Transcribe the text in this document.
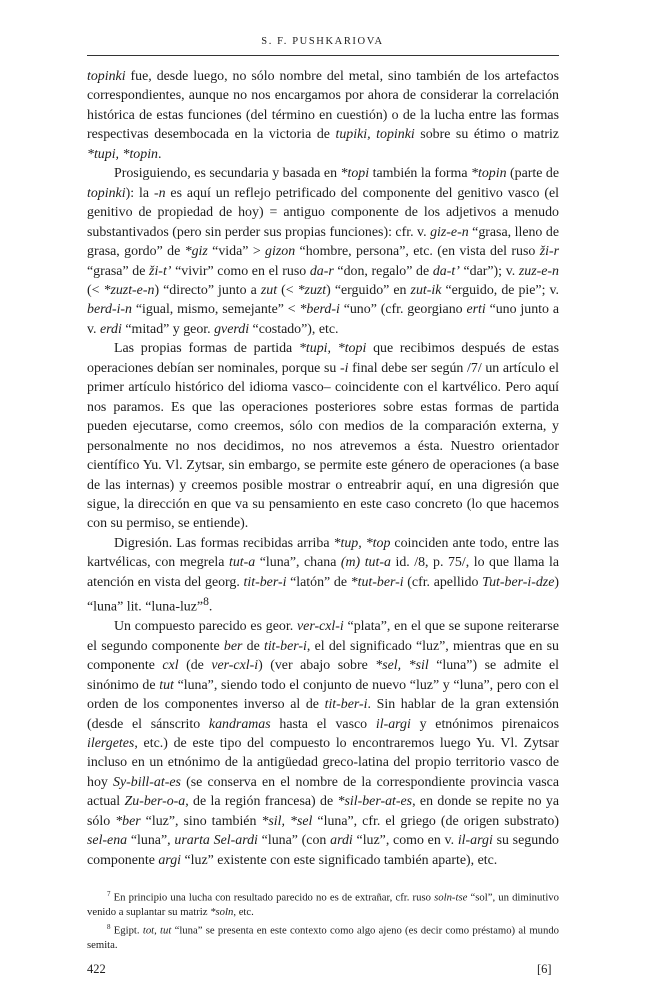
S. F. PUSHKARIOVA

topinki fue, desde luego, no sólo nombre del metal, sino también de los artefactos correspondientes, aunque no nos encargamos por ahora de considerar la correlación histórica de estas funciones (del término en cuestión) o de la lucha entre las formas respectivas desembocada en la victoria de tupiki, topinki sobre su étimo o matriz *tupi, *topin.

Prosiguiendo, es secundaria y basada en *topi también la forma *topin (parte de topinki): la -n es aquí un reflejo petrificado del componente del genitivo vasco (el genitivo de propiedad de hoy) = antiguo componente de los adjetivos a menudo substantivados (pero sin perder sus propias funciones): cfr. v. giz-e-n “grasa, lleno de grasa, gordo” de *giz “vida” > gizon “hombre, persona”, etc. (en vista del ruso ži-r “grasa” de ži-t’ “vivir” como en el ruso da-r “don, regalo” de da-t’ “dar”); v. zuz-e-n (< *zuzt-e-n) “directo” junto a zut (< *zuzt) “erguido” en zut-ik “erguido, de pie”; v. berd-i-n “igual, mismo, semejante” < *berd-i “uno” (cfr. georgiano erti “uno junto a v. erdi “mitad” y geor. gverdi “costado”), etc.

Las propias formas de partida *tupi, *topi que recibimos después de estas operaciones debían ser nominales, porque su -i final debe ser según /7/ un artículo el primer artículo histórico del idioma vasco– coincidente con el kartvélico. Pero aquí nos paramos. Es que las operaciones posteriores sobre estas formas de partida pueden ejecutarse, como creemos, sólo con medios de la comparación externa, y personalmente no nos decidimos, no nos atrevemos a ésta. Nuestro orientador científico Yu. Vl. Zytsar, sin embargo, se permite este género de operaciones (a base de las internas) y creemos posible mostrar o entreabrir aquí, en una digresión que sigue, la dirección en que va su pensamiento en este caso concreto (lo que hacemos con su permiso, se entiende).

Digresión. Las formas recibidas arriba *tup, *top coinciden ante todo, entre las kartvélicas, con megrela tut-a “luna”, chana (m) tut-a id. /8, p. 75/, lo que llama la atención en vista del georg. tit-ber-i “latón” de *tut-ber-i (cfr. apellido Tut-ber-i-dze) “luna” lit. “luna-luz”$^8$.

Un compuesto parecido es geor. ver-cxl-i “plata”, en el que se supone reiterarse el segundo componente ber de tit-ber-i, el del significado “luz”, mientras que en su componente cxl (de ver-cxl-i) (ver abajo sobre *sel, *sil “luna”) se admite el sinónimo de tut “luna”, siendo todo el conjunto de nuevo “luz” y “luna”, pero con el orden de los componentes inverso al de tit-ber-i. Sin hablar de la gran extensión (desde el sánscrito kandramas hasta el vasco il-argi y etnónimos pirenaicos ilergetes, etc.) de este tipo del compuesto lo encontraremos luego Yu. Vl. Zytsar incluso en un etnónimo de la antigüedad greco-latina del propio territorio vasco de hoy Sy-bill-at-es (se conserva en el nombre de la correspondiente provincia vasca actual Zu-ber-o-a, de la región francesa) de *sil-ber-at-es, en donde se repite no ya sólo *ber “luz”, sino también *sil, *sel “luna”, cfr. el griego (de origen substrato) sel-ena “luna”, urarta Sel-ardi “luna” (con ardi “luz”, como en v. il-argi su segundo componente argi “luz” existente con este significado también aparte), etc.

$^7$ En principio una lucha con resultado parecido no es de extrañar, cfr. ruso soln-tse “sol”, un diminutivo venido a suplantar su matriz *soln, etc.

$^8$ Egipt. tot, tut “luna” se presenta en este contexto como algo ajeno (es decir como préstamo) al mundo semita.

422	[6]
